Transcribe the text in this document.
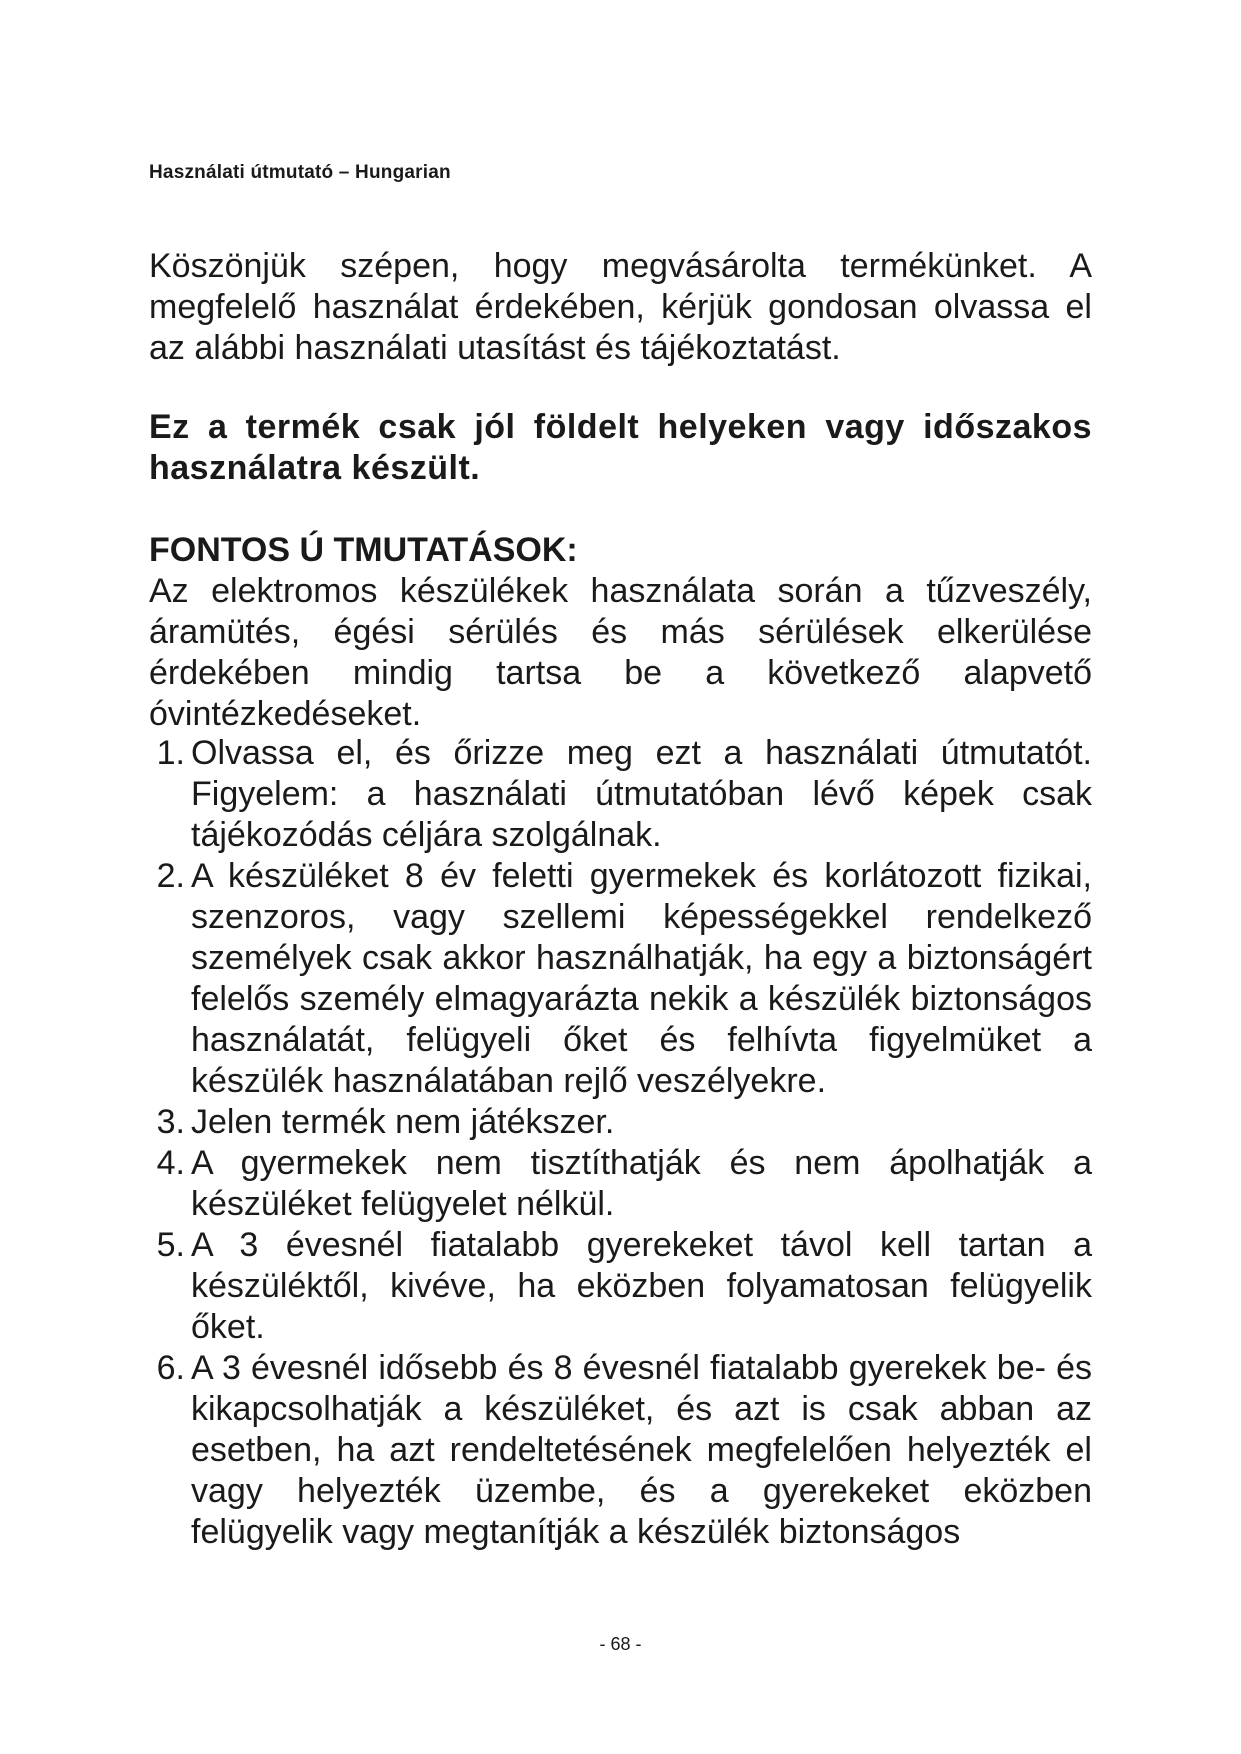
Használati útmutató – Hungarian

Köszönjük szépen, hogy megvásárolta termékünket. A megfelelő használat érdekében, kérjük gondosan olvassa el az alábbi használati utasítást és tájékoztatást.

Ez a termék csak jól földelt helyeken vagy időszakos használatra készült.

FONTOS Ú TMUTATÁSOK:
Az elektromos készülékek használata során a tűzveszély, áramütés, égési sérülés és más sérülések elkerülése érdekében mindig tartsa be a következő alapvető óvintézkedéseket.
1. Olvassa el, és őrizze meg ezt a használati útmutatót. Figyelem: a használati útmutatóban lévő képek csak tájékozódás céljára szolgálnak.
2. A készüléket 8 év feletti gyermekek és korlátozott fizikai, szenzoros, vagy szellemi képességekkel rendelkező személyek csak akkor használhatják, ha egy a biztonságért felelős személy elmagyarázta nekik a készülék biztonságos használatát, felügyeli őket és felhívta figyelmüket a készülék használatában rejlő veszélyekre.
3. Jelen termék nem játékszer.
4. A gyermekek nem tisztíthatják és nem ápolhatják a készüléket felügyelet nélkül.
5. A 3 évesnél fiatalabb gyerekeket távol kell tartan a készüléktől, kivéve, ha eközben folyamatosan felügyelik őket.
6. A 3 évesnél idősebb és 8 évesnél fiatalabb gyerekek be- és kikapcsolhatják a készüléket, és azt is csak abban az esetben, ha azt rendeltetésének megfelelően helyezték el vagy helyezték üzembe, és a gyerekeket eközben felügyelik vagy megtanítják a készülék biztonságos
- 68 -
